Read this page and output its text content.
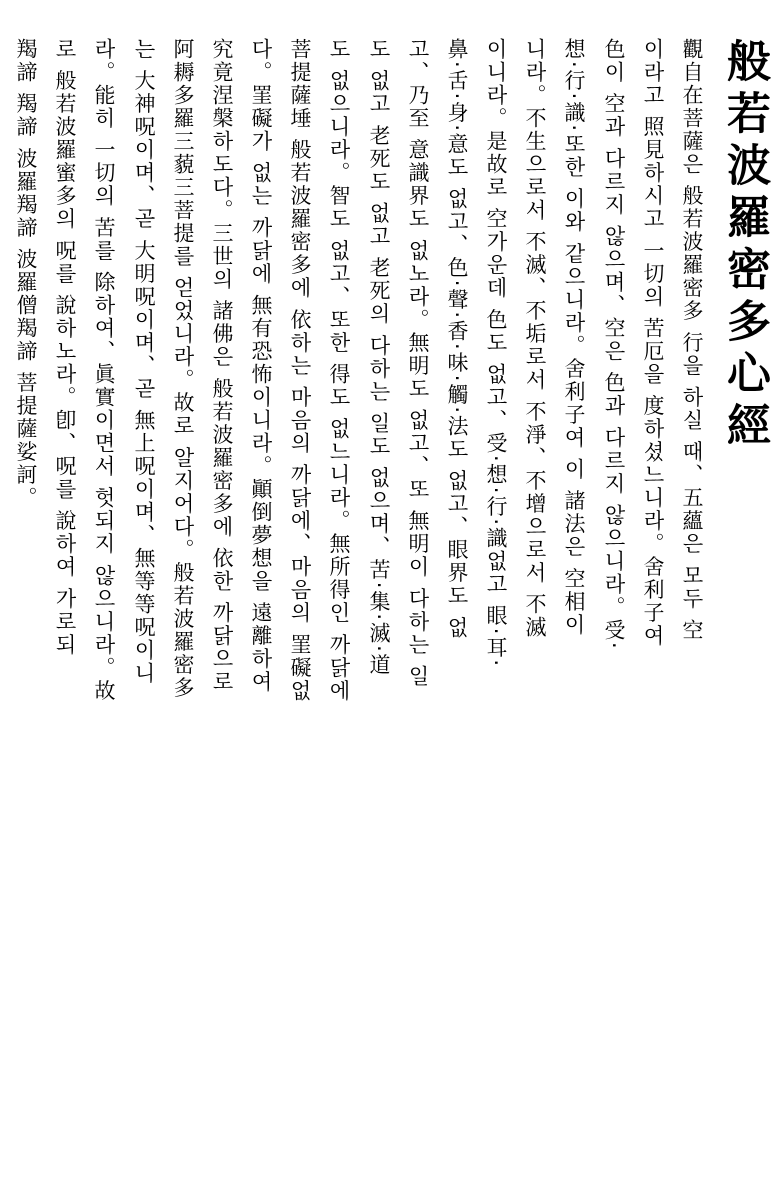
般若波羅密多心經
觀自在菩薩은 般若波羅密多 行을 하실 때、五蘊은 모두 空
이라고 照見하시고 一切의 苦厄을 度하셨느니라。舍利子여
色이 空과 다르지 않으며、空은 色과 다르지 않으니라。受·
想·行·識·또한 이와 같으니라。舍利子여 이 諸法은 空相이
니라。不生으로서 不滅、不垢로서 不淨、不增으로서 不滅
이니라。是故로 空가운데 色도 없고、受·想·行·識없고 眼·耳·
鼻·舌·身·意도 없고、色·聲·香·味·觸·法도 없고、眼界도 없
고、乃至 意識界도 없노라。無明도 없고、또 無明이 다하는 일
도 없고 老死도 없고 老死의 다하는 일도 없으며、苦·集·滅·道
도 없으니라。智도 없고、또한 得도 없느니라。無所得인 까닭에
菩提薩埵 般若波羅密多에 依하는 마음의 까닭에、마음의 罣礙없
다。罣礙가 없는 까닭에 無有恐怖이니라。顚倒夢想을 遠離하여
究竟涅槃하도다。三世의 諸佛은 般若波羅密多에 依한 까닭으로
阿耨多羅三藐三菩提를 얻었니라。故로 알지어다。般若波羅密多
는 大神呪이며、곧 大明呪이며、곧 無上呪이며、無等等呪이니
라。能히 一切의 苦를 除하여、眞實이면서 헛되지 않으니라。故
로 般若波羅蜜多의 呪를 說하노라。卽、呪를 說하여 가로되
羯諦 羯諦 波羅羯諦 波羅僧羯諦 菩提薩娑訶。
